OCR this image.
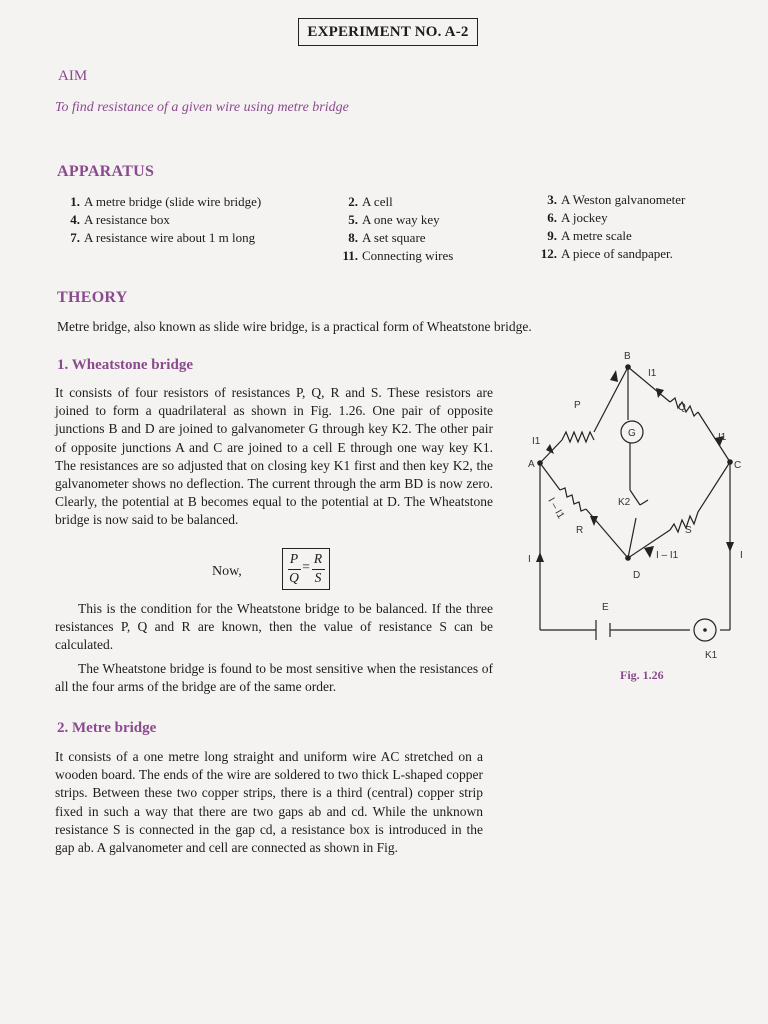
EXPERIMENT NO. A-2
AIM
To find resistance of a given wire using metre bridge
APPARATUS
1. A metre bridge (slide wire bridge)
4. A resistance box
7. A resistance wire about 1 m long
2. A cell
5. A one way key
8. A set square
11. Connecting wires
3. A Weston galvanometer
6. A jockey
9. A metre scale
12. A piece of sandpaper.
THEORY
Metre bridge, also known as slide wire bridge, is a practical form of Wheatstone bridge.
1. Wheatstone bridge
It consists of four resistors of resistances P, Q, R and S. These resistors are joined to form a quadrilateral as shown in Fig. 1.26. One pair of opposite junctions B and D are joined to galvanometer G through key K2. The other pair of opposite junctions A and C are joined to a cell E through one way key K1. The resistances are so adjusted that on closing key K1 first and then key K2, the galvanometer shows no deflection. The current through the arm BD is now zero. Clearly, the potential at B becomes equal to the potential at D. The Wheatstone bridge is now said to be balanced.
Now,
P
Q
=
R
S
This is the condition for the Wheatstone bridge to be balanced. If the three resistances P, Q and R are known, then the value of resistance S can be calculated.
The Wheatstone bridge is found to be most sensitive when the resistances of all the four arms of the bridge are of the same order.
2. Metre bridge
It consists of a one metre long straight and uniform wire AC stretched on a wooden board. The ends of the wire are soldered to two thick L-shaped copper strips. Between these two copper strips, there is a third (central) copper strip fixed in such a way that there are two gaps ab and cd. While the unknown resistance S is connected in the gap cd, a resistance box is introduced in the gap ab. A galvanometer and cell are connected as shown in Fig.
B
A	C
D
P	Q
R	S
G
K2
E
K1
I	I
I1
I1	I1
I – I1
I – I1
Fig. 1.26
